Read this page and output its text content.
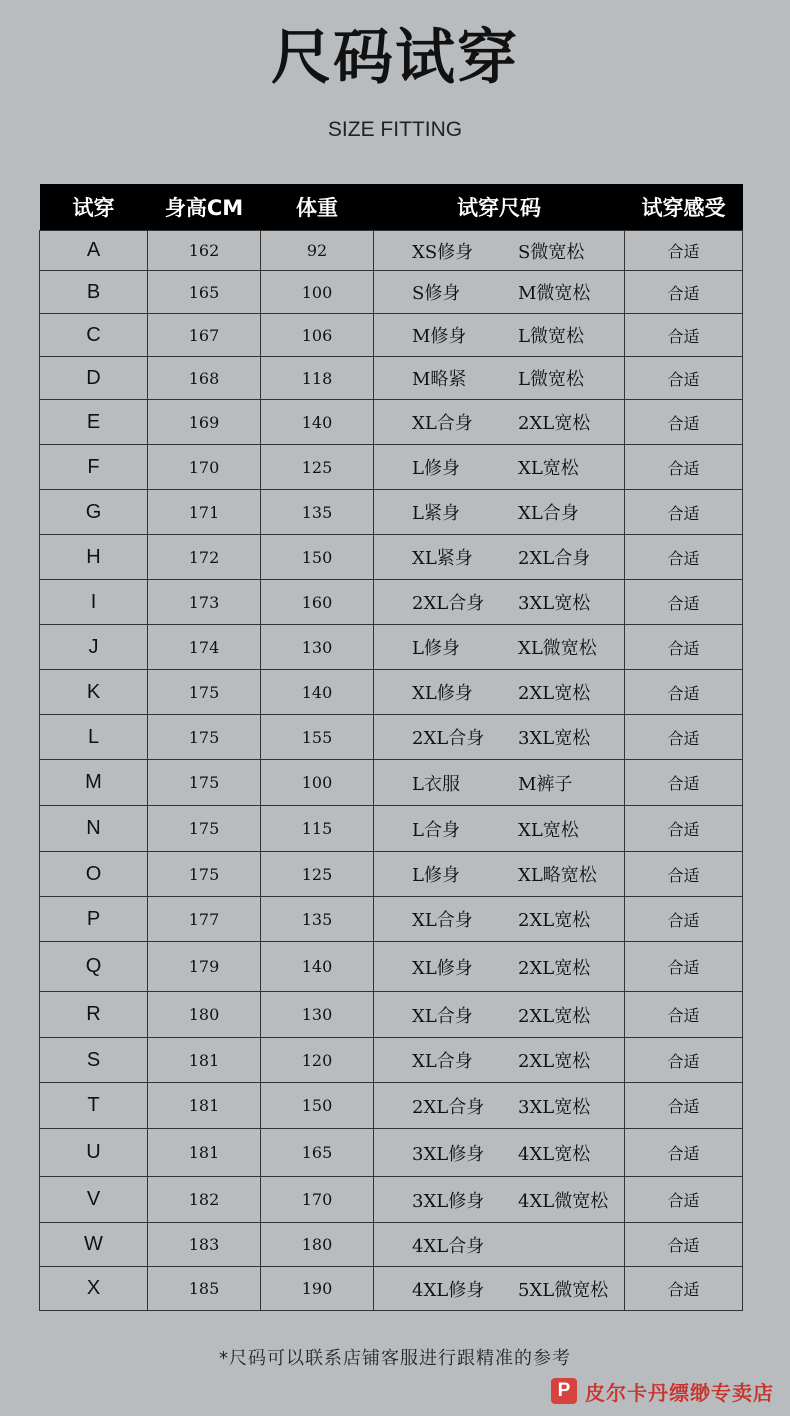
尺码试穿
SIZE FITTING
试穿	身高CM	体重	试穿尺码	试穿感受
A	162	92	XS修身 S微宽松	合适
B	165	100	S修身 M微宽松	合适
C	167	106	M修身 L微宽松	合适
D	168	118	M略紧 L微宽松	合适
E	169	140	XL合身 2XL宽松	合适
F	170	125	L修身 XL宽松	合适
G	171	135	L紧身 XL合身	合适
H	172	150	XL紧身 2XL合身	合适
I	173	160	2XL合身 3XL宽松	合适
J	174	130	L修身 XL微宽松	合适
K	175	140	XL修身 2XL宽松	合适
L	175	155	2XL合身 3XL宽松	合适
M	175	100	L衣服 M裤子	合适
N	175	115	L合身 XL宽松	合适
O	175	125	L修身 XL略宽松	合适
P	177	135	XL合身 2XL宽松	合适
Q	179	140	XL修身 2XL宽松	合适
R	180	130	XL合身 2XL宽松	合适
S	181	120	XL合身 2XL宽松	合适
T	181	150	2XL合身 3XL宽松	合适
U	181	165	3XL修身 4XL宽松	合适
V	182	170	3XL修身 4XL微宽松	合适
W	183	180	4XL合身	合适
X	185	190	4XL修身 5XL微宽松	合适
*尺码可以联系店铺客服进行跟精准的参考
P 皮尔卡丹缥缈专卖店
